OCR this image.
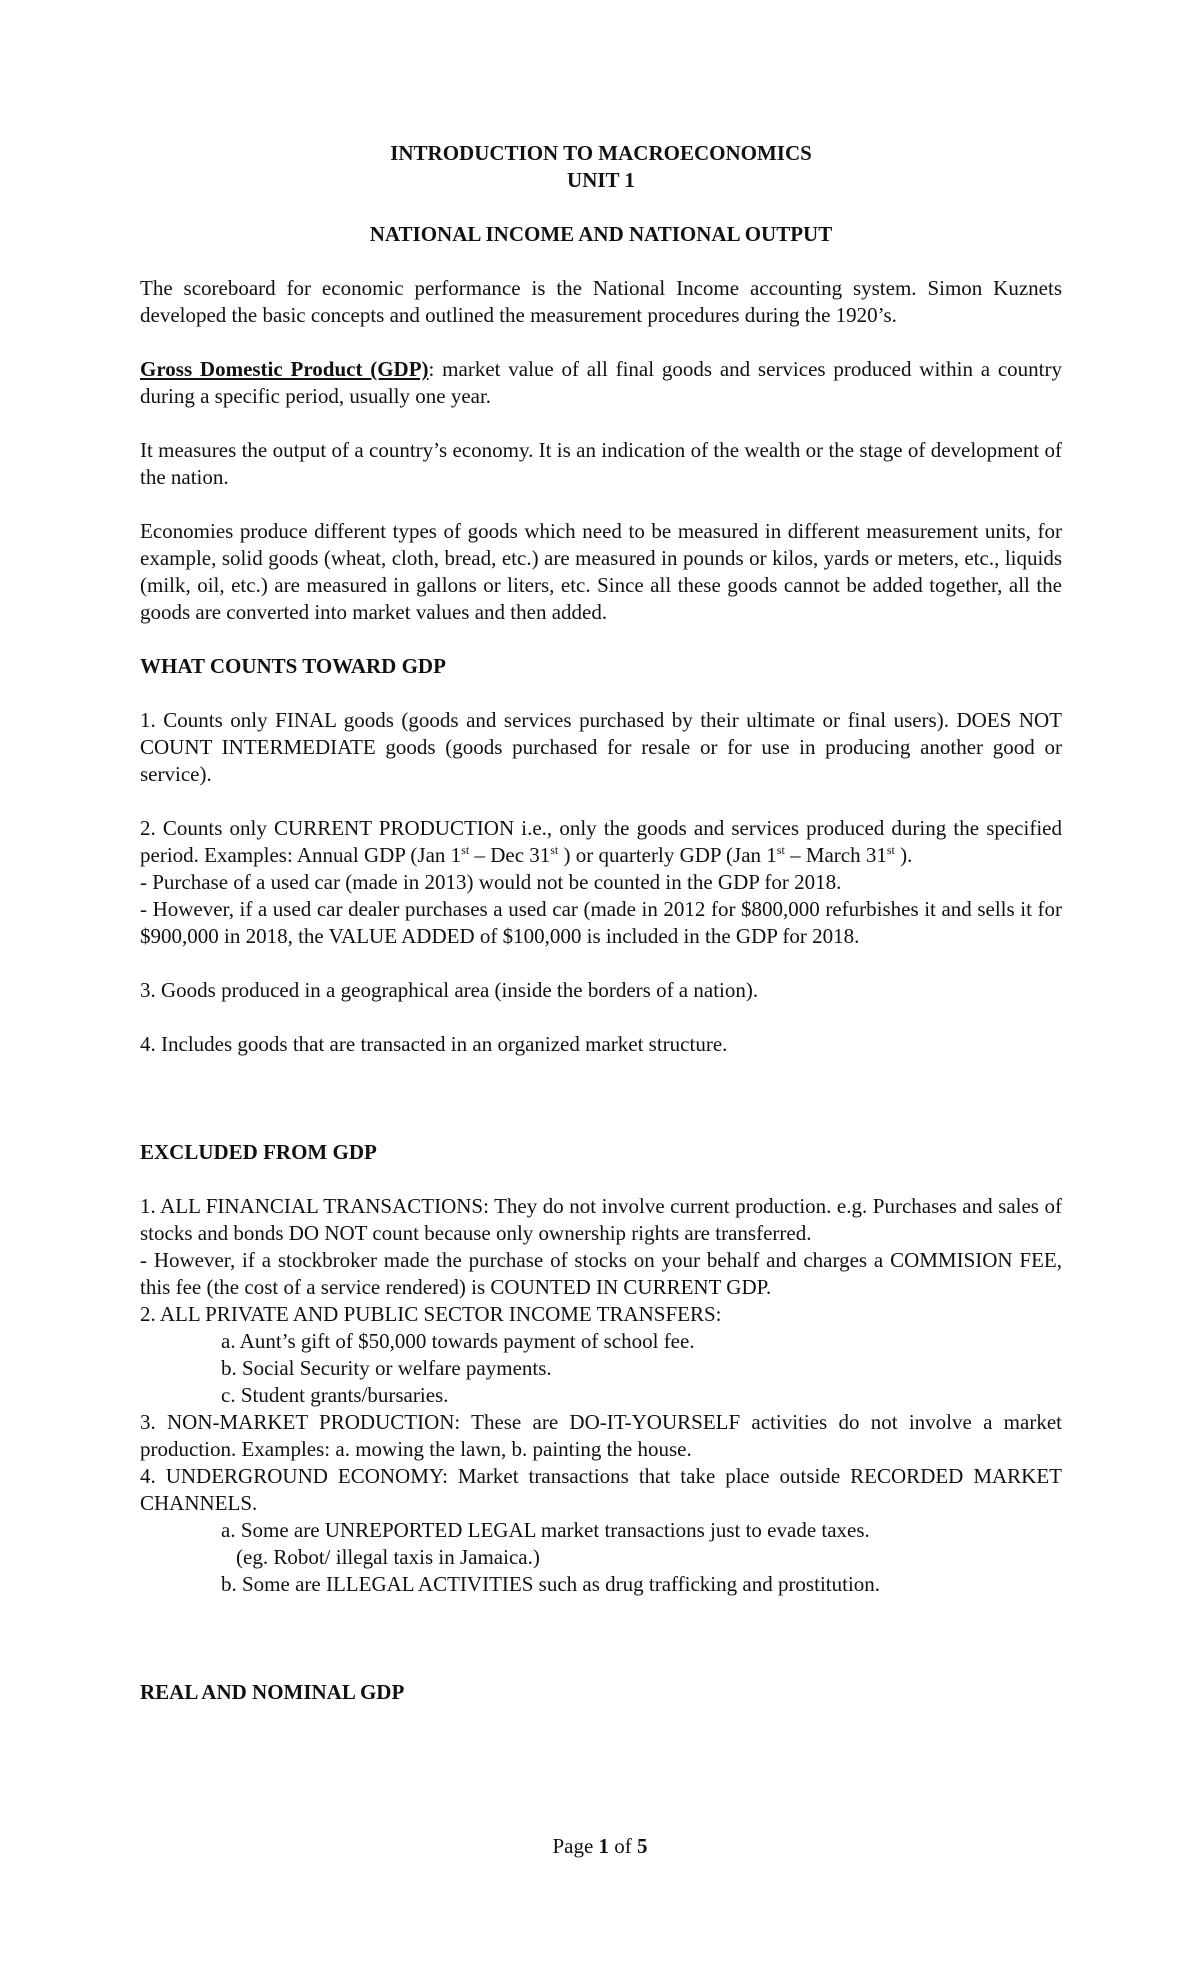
INTRODUCTION TO MACROECONOMICS

UNIT 1

NATIONAL INCOME AND NATIONAL OUTPUT

The scoreboard for economic performance is the National Income accounting system. Simon Kuznets developed the basic concepts and outlined the measurement procedures during the 1920’s.

Gross Domestic Product (GDP): market value of all final goods and services produced within a country during a specific period, usually one year.

It measures the output of a country’s economy. It is an indication of the wealth or the stage of development of the nation.

Economies produce different types of goods which need to be measured in different measurement units, for example, solid goods (wheat, cloth, bread, etc.) are measured in pounds or kilos, yards or meters, etc., liquids (milk, oil, etc.) are measured in gallons or liters, etc. Since all these goods cannot be added together, all the goods are converted into market values and then added.

WHAT COUNTS TOWARD GDP

1. Counts only FINAL goods (goods and services purchased by their ultimate or final users). DOES NOT COUNT INTERMEDIATE goods (goods purchased for resale or for use in producing another good or service).

2. Counts only CURRENT PRODUCTION i.e., only the goods and services produced during the specified period. Examples: Annual GDP (Jan 1st – Dec 31st ) or quarterly GDP (Jan 1st – March 31st ).

- Purchase of a used car (made in 2013) would not be counted in the GDP for 2018.

- However, if a used car dealer purchases a used car (made in 2012 for $800,000 refurbishes it and sells it for $900,000 in 2018, the VALUE ADDED of $100,000 is included in the GDP for 2018.

3. Goods produced in a geographical area (inside the borders of a nation).

4. Includes goods that are transacted in an organized market structure.

EXCLUDED FROM GDP

1. ALL FINANCIAL TRANSACTIONS: They do not involve current production. e.g. Purchases and sales of stocks and bonds DO NOT count because only ownership rights are transferred.

- However, if a stockbroker made the purchase of stocks on your behalf and charges a COMMISION FEE, this fee (the cost of a service rendered) is COUNTED IN CURRENT GDP.

2. ALL PRIVATE AND PUBLIC SECTOR INCOME TRANSFERS:

a. Aunt’s gift of $50,000 towards payment of school fee.

b. Social Security or welfare payments.

c. Student grants/bursaries.

3. NON-MARKET PRODUCTION: These are DO-IT-YOURSELF activities do not involve a market production. Examples: a. mowing the lawn, b. painting the house.

4. UNDERGROUND ECONOMY: Market transactions that take place outside RECORDED MARKET CHANNELS.

a. Some are UNREPORTED LEGAL market transactions just to evade taxes.

(eg. Robot/ illegal taxis in Jamaica.)

b. Some are ILLEGAL ACTIVITIES such as drug trafficking and prostitution.

REAL AND NOMINAL GDP

Page 1 of 5
